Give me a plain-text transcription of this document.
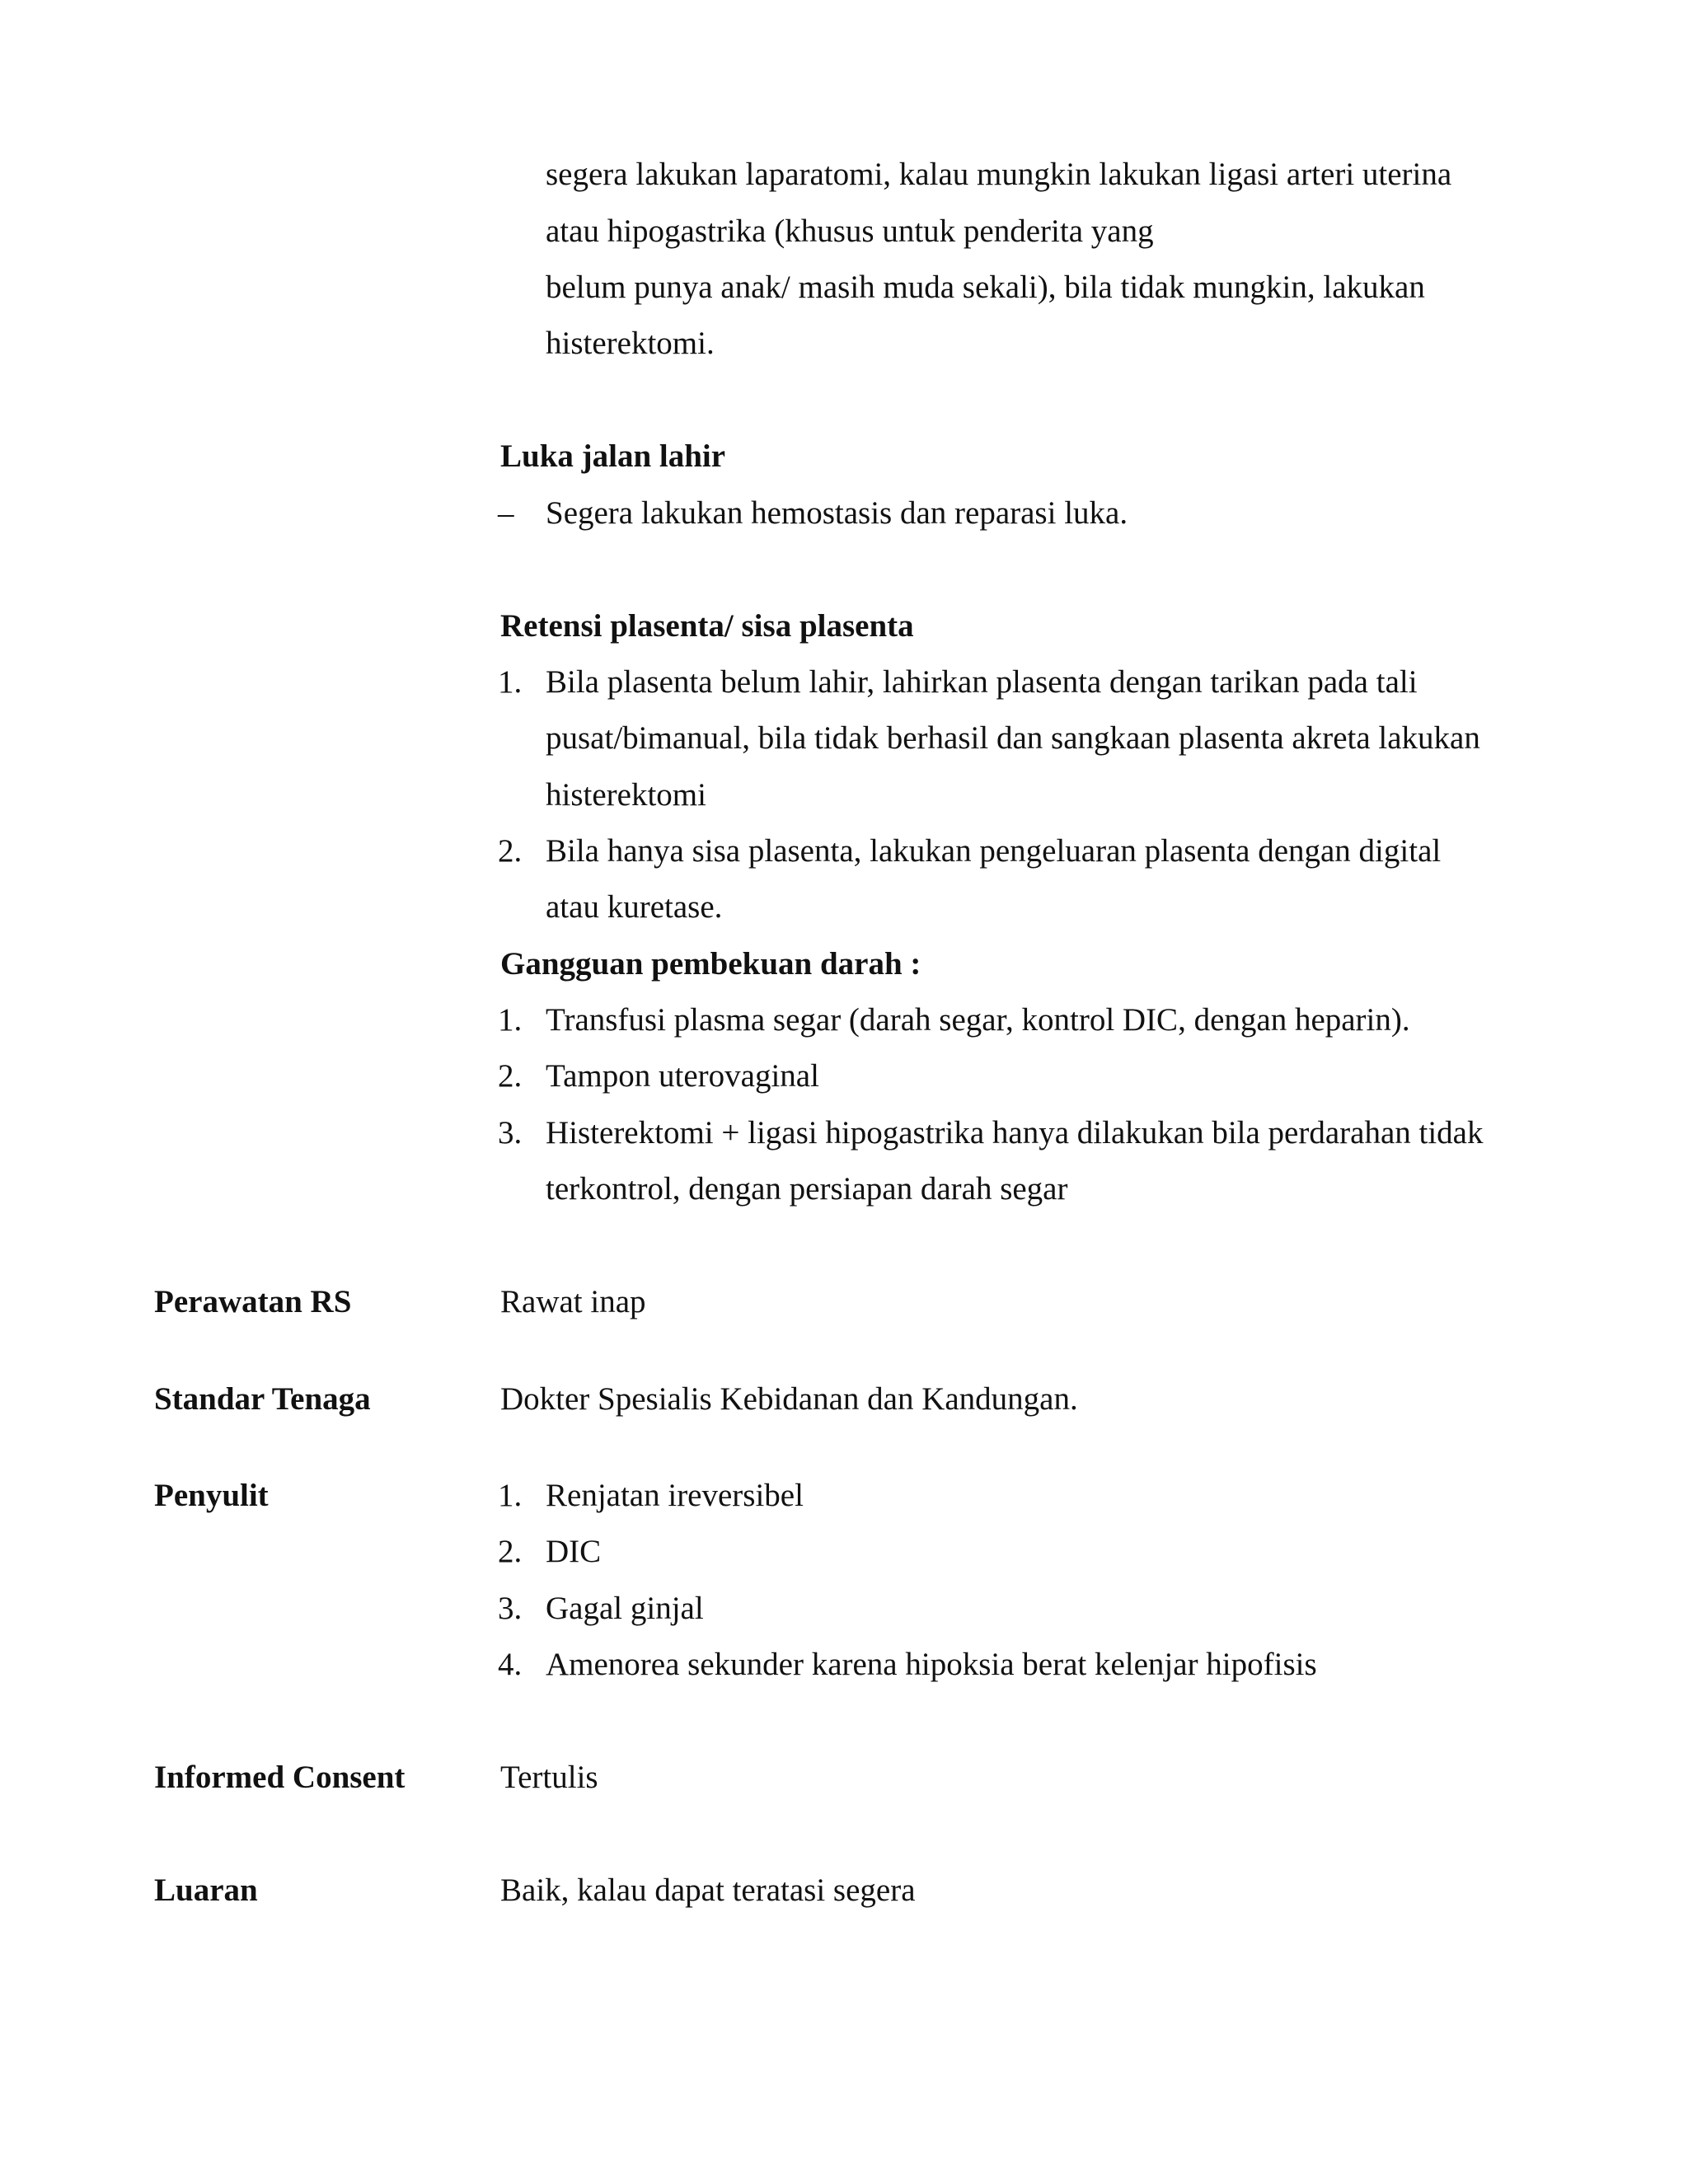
segera lakukan laparatomi, kalau mungkin lakukan ligasi arteri uterina
atau hipogastrika (khusus untuk penderita yang
belum punya anak/ masih muda sekali), bila tidak mungkin, lakukan
histerektomi.
Luka jalan lahir
– Segera lakukan hemostasis dan reparasi luka.
Retensi plasenta/ sisa plasenta
1. Bila plasenta belum lahir, lahirkan plasenta dengan tarikan pada tali
pusat/bimanual, bila tidak berhasil dan sangkaan plasenta akreta lakukan
histerektomi
2. Bila hanya sisa plasenta, lakukan pengeluaran plasenta dengan digital
atau kuretase.
Gangguan pembekuan darah :
1. Transfusi plasma segar (darah segar, kontrol DIC, dengan heparin).
2. Tampon uterovaginal
3. Histerektomi + ligasi hipogastrika hanya dilakukan bila perdarahan tidak
terkontrol, dengan persiapan darah segar
Perawatan RS	Rawat inap
Standar Tenaga	Dokter Spesialis Kebidanan dan Kandungan.
Penyulit	1. Renjatan ireversibel
2. DIC
3. Gagal ginjal
4. Amenorea sekunder karena hipoksia berat kelenjar hipofisis
Informed Consent	Tertulis
Luaran	Baik, kalau dapat teratasi segera
